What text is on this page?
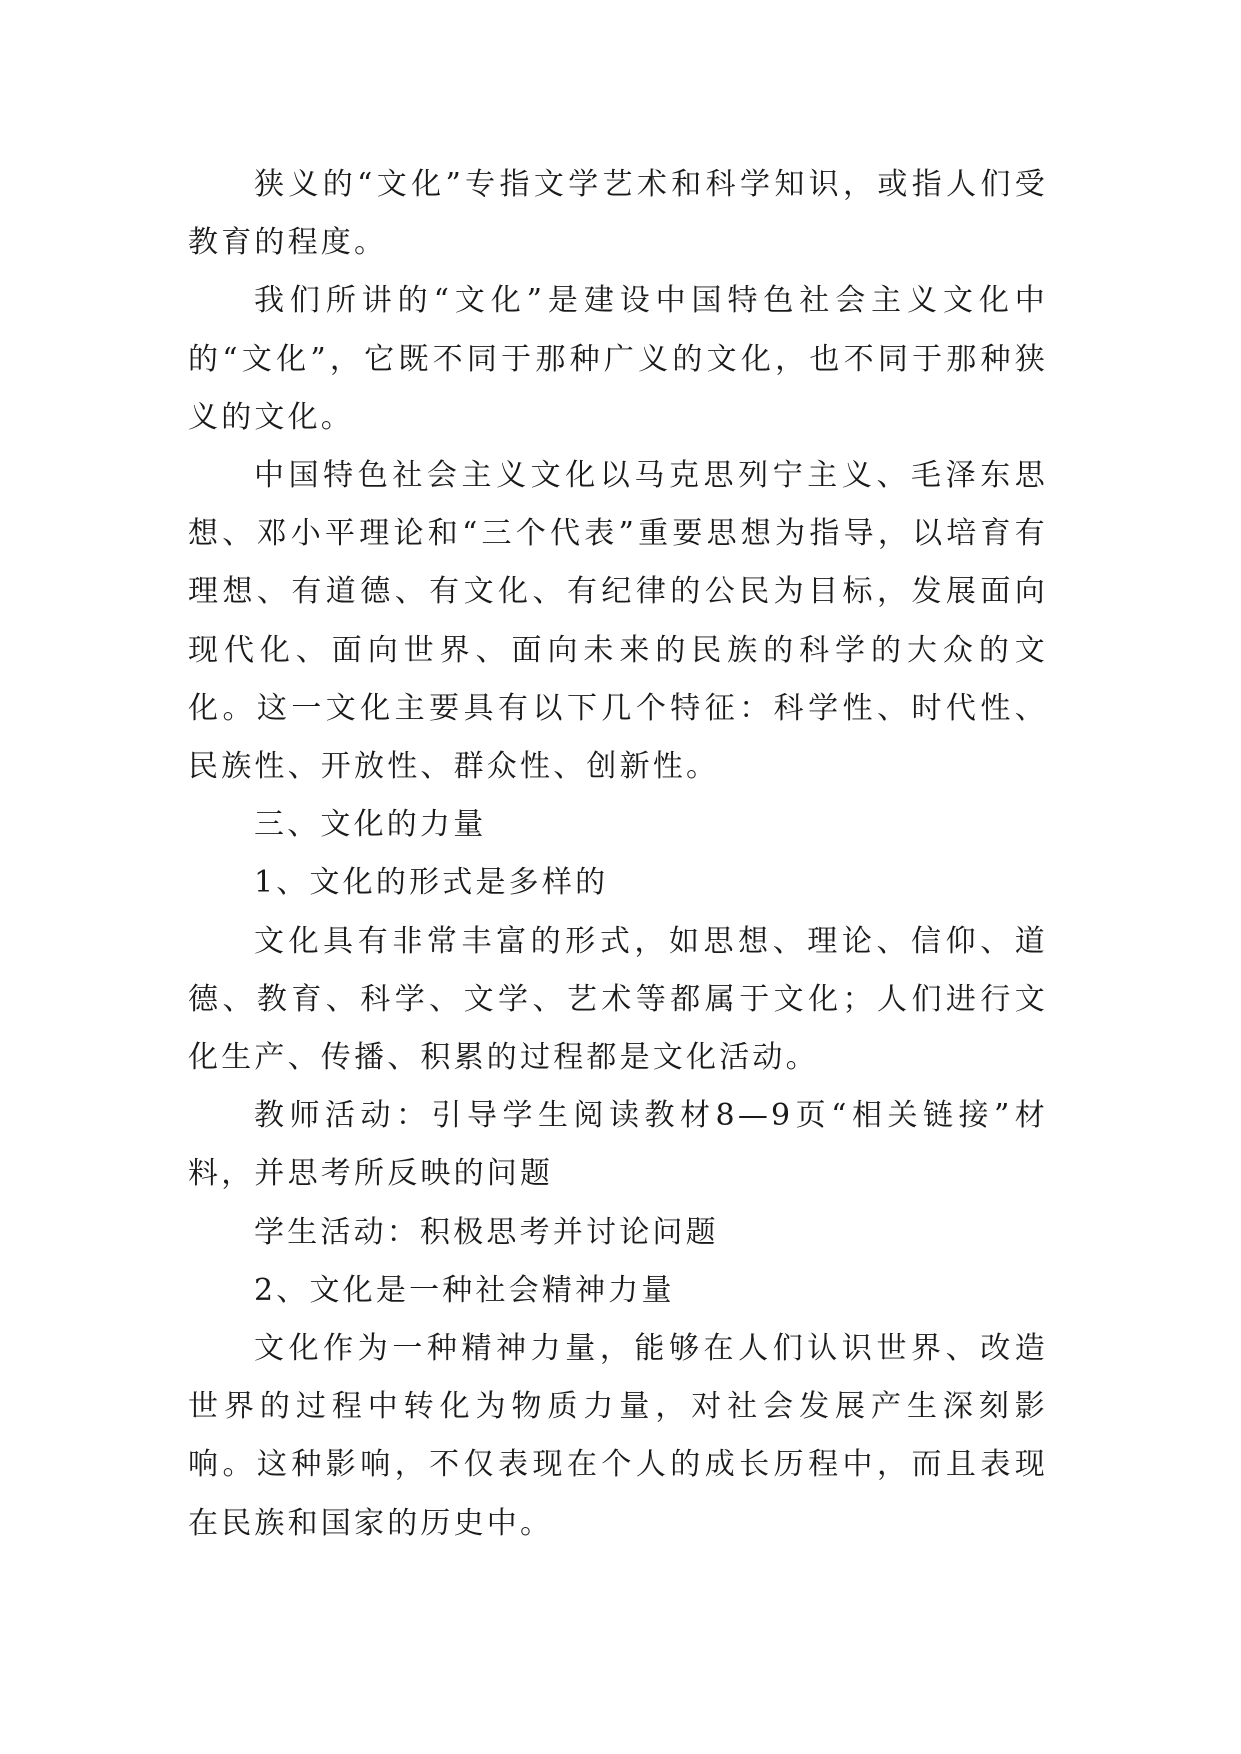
狭义的“文化”专指文学艺术和科学知识，或指人们受教育的程度。

我们所讲的“文化”是建设中国特色社会主义文化中的“文化”，它既不同于那种广义的文化，也不同于那种狭义的文化。

中国特色社会主义文化以马克思列宁主义、毛泽东思想、邓小平理论和“三个代表”重要思想为指导，以培育有理想、有道德、有文化、有纪律的公民为目标，发展面向现代化、面向世界、面向未来的民族的科学的大众的文化。这一文化主要具有以下几个特征：科学性、时代性、民族性、开放性、群众性、创新性。

三、文化的力量

1、文化的形式是多样的

文化具有非常丰富的形式，如思想、理论、信仰、道德、教育、科学、文学、艺术等都属于文化；人们进行文化生产、传播、积累的过程都是文化活动。

教师活动：引导学生阅读教材8—9页“相关链接”材料，并思考所反映的问题

学生活动：积极思考并讨论问题

2、文化是一种社会精神力量

文化作为一种精神力量，能够在人们认识世界、改造世界的过程中转化为物质力量，对社会发展产生深刻影响。这种影响，不仅表现在个人的成长历程中，而且表现在民族和国家的历史中。
